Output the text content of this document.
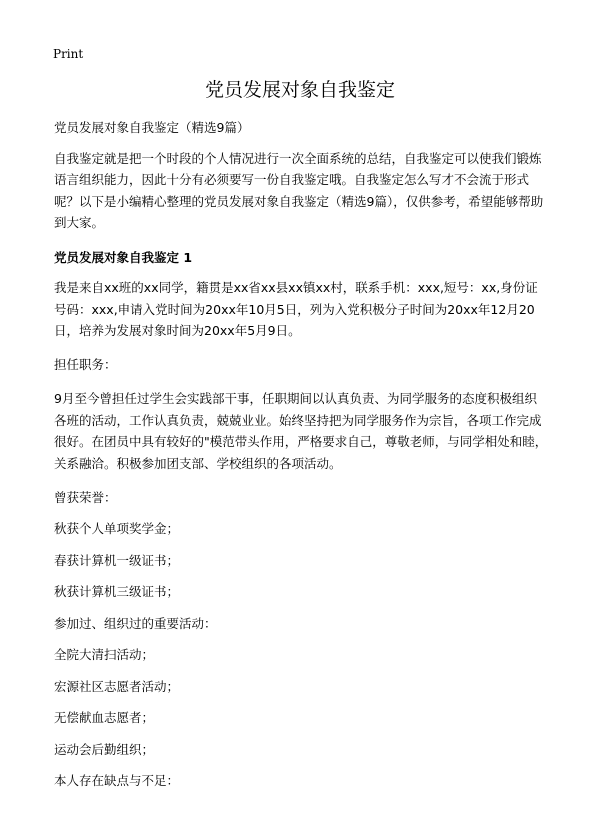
Print
党员发展对象自我鉴定

党员发展对象自我鉴定（精选9篇）

自我鉴定就是把一个时段的个人情况进行一次全面系统的总结，自我鉴定可以使我们锻炼语言组织能力，因此十分有必须要写一份自我鉴定哦。自我鉴定怎么写才不会流于形式呢？以下是小编精心整理的党员发展对象自我鉴定（精选9篇），仅供参考，希望能够帮助到大家。

党员发展对象自我鉴定 1

我是来自xx班的xx同学，籍贯是xx省xx县xx镇xx村，联系手机：xxx,短号：xx,身份证号码：xxx,申请入党时间为20xx年10月5日，列为入党积极分子时间为20xx年12月20日，培养为发展对象时间为20xx年5月9日。

担任职务：

9月至今曾担任过学生会实践部干事，任职期间以认真负责、为同学服务的态度积极组织各班的活动，工作认真负责，兢兢业业。始终坚持把为同学服务作为宗旨，各项工作完成很好。在团员中具有较好的"模范带头作用，严格要求自己，尊敬老师，与同学相处和睦，关系融洽。积极参加团支部、学校组织的各项活动。

曾获荣誉：

秋获个人单项奖学金；

春获计算机一级证书；

秋获计算机三级证书；

参加过、组织过的重要活动：

全院大清扫活动；

宏源社区志愿者活动；

无偿献血志愿者；

运动会后勤组织；

本人存在缺点与不足：
